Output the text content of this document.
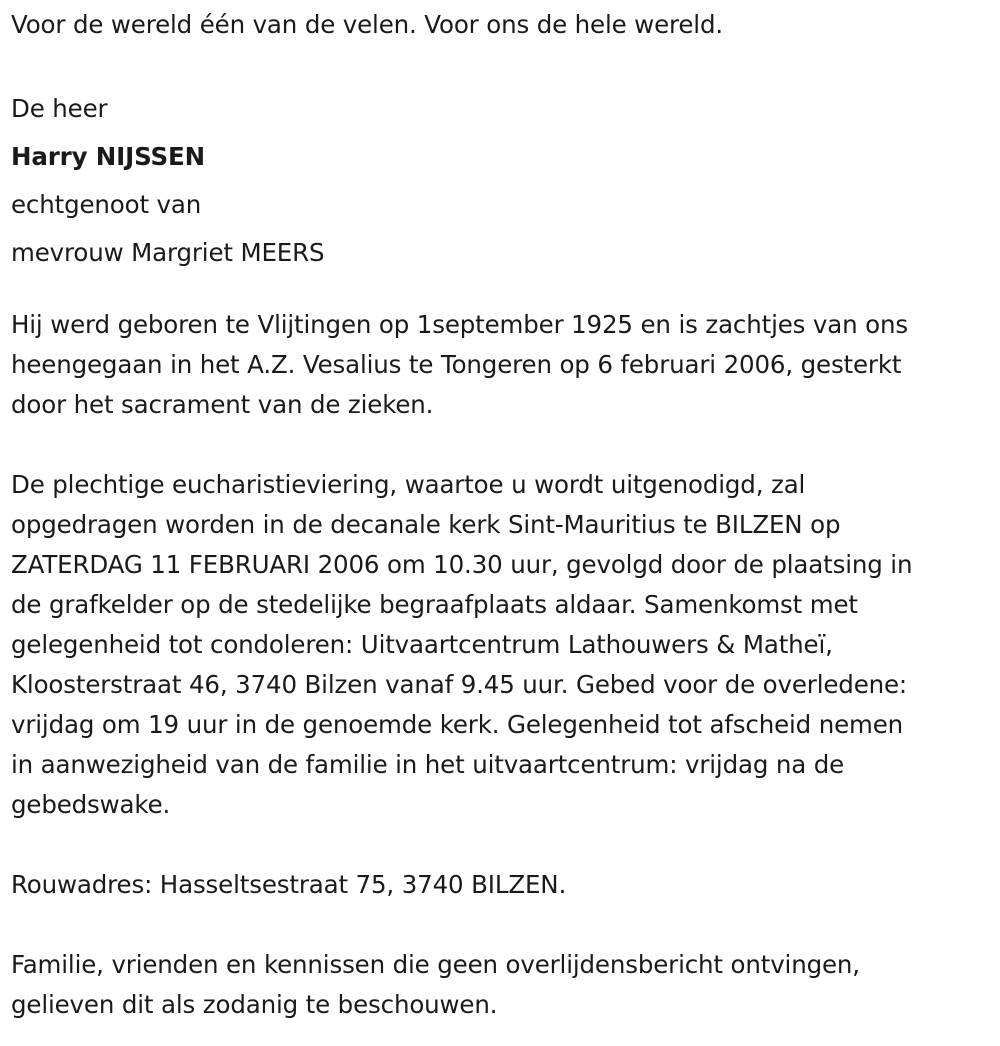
Voor de wereld één van de velen. Voor ons de hele wereld.
De heer
Harry NIJSSEN
echtgenoot van
mevrouw Margriet MEERS
Hij werd geboren te Vlijtingen op 1september 1925 en is zachtjes van ons
heengegaan in het A.Z. Vesalius te Tongeren op 6 februari 2006, gesterkt
door het sacrament van de zieken.
De plechtige eucharistieviering, waartoe u wordt uitgenodigd, zal
opgedragen worden in de decanale kerk Sint-Mauritius te BILZEN op
ZATERDAG 11 FEBRUARI 2006 om 10.30 uur, gevolgd door de plaatsing in
de grafkelder op de stedelijke begraafplaats aldaar. Samenkomst met
gelegenheid tot condoleren: Uitvaartcentrum Lathouwers & Matheï,
Kloosterstraat 46, 3740 Bilzen vanaf 9.45 uur. Gebed voor de overledene:
vrijdag om 19 uur in de genoemde kerk. Gelegenheid tot afscheid nemen
in aanwezigheid van de familie in het uitvaartcentrum: vrijdag na de
gebedswake.
Rouwadres: Hasseltsestraat 75, 3740 BILZEN.
Familie, vrienden en kennissen die geen overlijdensbericht ontvingen,
gelieven dit als zodanig te beschouwen.
